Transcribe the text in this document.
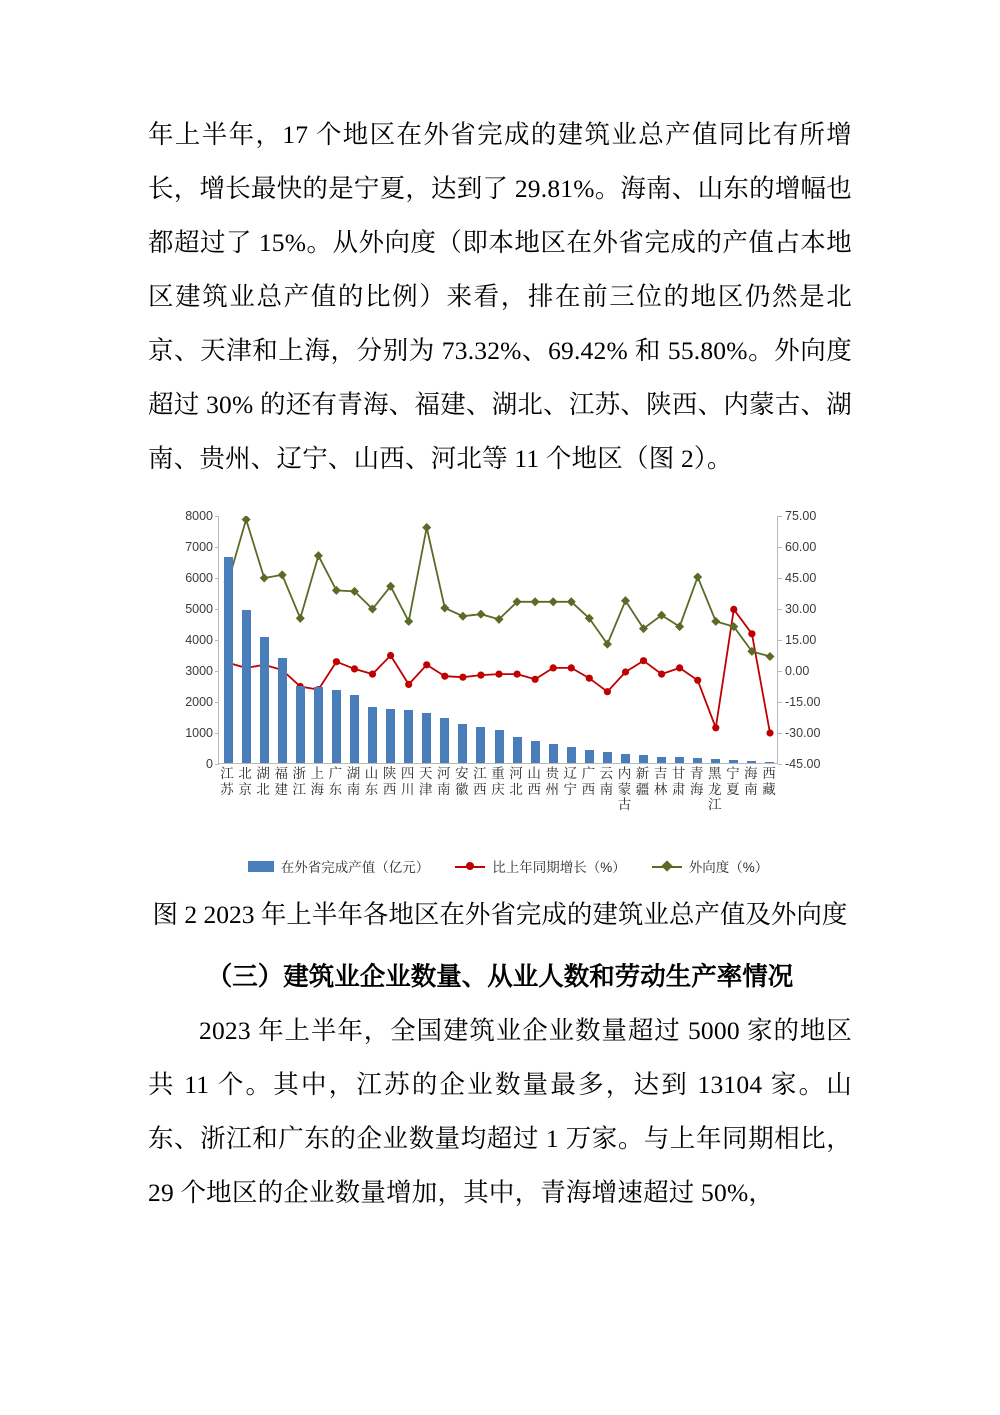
年上半年，17 个地区在外省完成的建筑业总产值同比有所增长，增长最快的是宁夏，达到了 29.81%。海南、山东的增幅也都超过了 15%。从外向度（即本地区在外省完成的产值占本地区建筑业总产值的比例）来看，排在前三位的地区仍然是北京、天津和上海，分别为 73.32%、69.42% 和 55.80%。外向度超过 30% 的还有青海、福建、湖北、江苏、陕西、内蒙古、湖南、贵州、辽宁、山西、河北等 11 个地区（图 2）。

0
1000
2000
3000
4000
5000
6000
7000
8000
-45.00
-30.00
-15.00
0.00
15.00
30.00
45.00
60.00
75.00
江苏
北京
湖北
福建
浙江
上海
广东
湖南
山东
陕西
四川
天津
河南
安徽
江西
重庆
河北
山西
贵州
辽宁
广西
云南
内蒙古
新疆
吉林
甘肃
青海
黑龙江
宁夏
海南
西藏
在外省完成产值（亿元）	比上年同期增长（%）	外向度（%）

图 2 2023 年上半年各地区在外省完成的建筑业总产值及外向度

（三）建筑业企业数量、从业人数和劳动生产率情况

2023 年上半年，全国建筑业企业数量超过 5000 家的地区共 11 个。其中，江苏的企业数量最多，达到 13104 家。山东、浙江和广东的企业数量均超过 1 万家。与上年同期相比，29 个地区的企业数量增加，其中，青海增速超过 50%，
